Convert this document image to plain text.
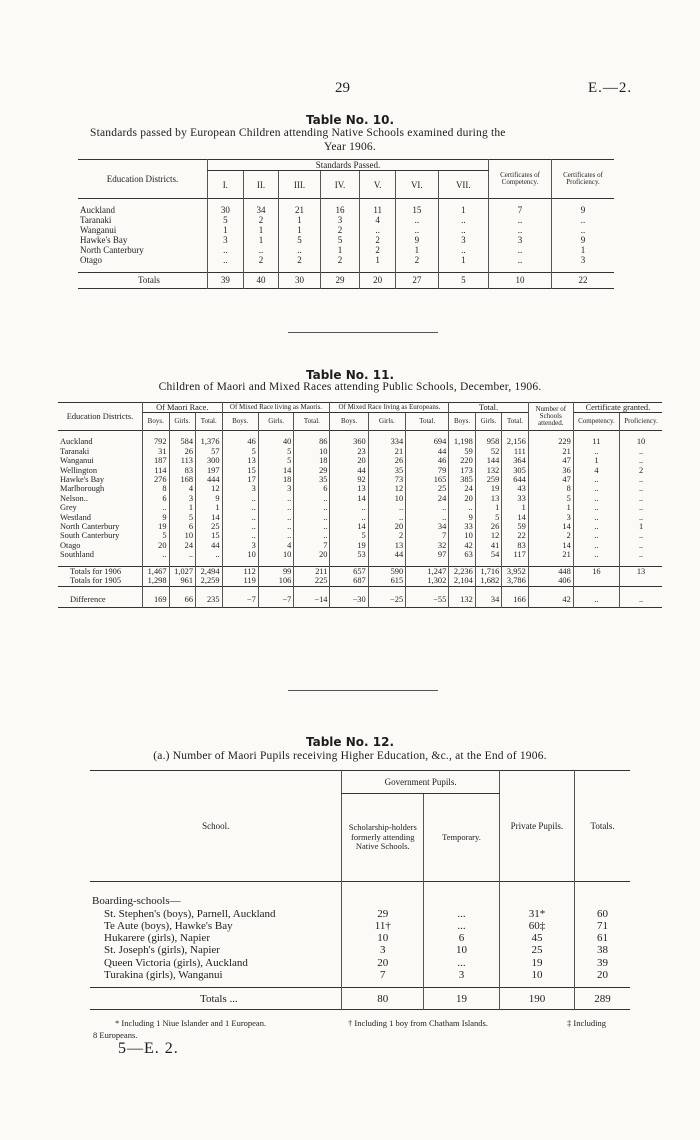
29	E.—2.
Table No. 10.
Standards passed by European Children attending Native Schools examined during the
Year 1906.
Education Districts.	Standards Passed.							Certificates of Competency.	Certificates of Proficiency.
	I.	II.	III.	IV.	V.	VI.	VII.		

Auckland	30	34	21	16	11	15	1	7	9
Taranaki	5	2	1	3	4	..	..	..	..
Wanganui	1	1	1	2	..	..	..	..	..
Hawke's Bay	3	1	5	5	2	9	3	3	9
North Canterbury	..	..	..	1	2	1	..	..	1
Otago	..	2	2	2	1	2	1	..	3

Totals	39	40	30	29	20	27	5	10	22
Table No. 11.
Children of Maori and Mixed Races attending Public Schools, December, 1906.
Education Districts.	Of Maori Race.			Of Mixed Race living as Maoris.			Of Mixed Race living as Europeans.			Total.			Number of Schools attended.	Certificate granted.	
	Boys.	Girls.	Total.	Boys.	Girls.	Total.	Boys.	Girls.	Total.	Boys.	Girls.	Total.		Competency.	Proficiency.

Auckland	792	584	1,376	46	40	86	360	334	694	1,198	958	2,156	229	11	10
Taranaki	31	26	57	5	5	10	23	21	44	59	52	111	21	..	..
Wanganui	187	113	300	13	5	18	20	26	46	220	144	364	47	1	..
Wellington	114	83	197	15	14	29	44	35	79	173	132	305	36	4	2
Hawke's Bay	276	168	444	17	18	35	92	73	165	385	259	644	47	..	..
Marlborough	8	4	12	3	3	6	13	12	25	24	19	43	8	..	..
Nelson..	6	3	9	..	..	..	14	10	24	20	13	33	5	..	..
Grey	..	1	1	..	..	..	..	..	..	..	1	1	1	..	..
Westland	9	5	14	..	..	..	..	..	..	9	5	14	3	..	..
North Canterbury	19	6	25	..	..	..	14	20	34	33	26	59	14	..	1
South Canterbury	5	10	15	..	..	..	5	2	7	10	12	22	2	..	..
Otago	20	24	44	3	4	7	19	13	32	42	41	83	14	..	..
Southland	..	..	..	10	10	20	53	44	97	63	54	117	21	..	..

Totals for 1906	1,467	1,027	2,494	112	99	211	657	590	1,247	2,236	1,716	3,952	448	16	13
Totals for 1905	1,298	961	2,259	119	106	225	687	615	1,302	2,104	1,682	3,786	406		

Difference	169	66	235	−7	−7	−14	−30	−25	−55	132	34	166	42	..	..
Table No. 12.
(a.) Number of Maori Pupils receiving Higher Education, &c., at the End of 1906.
School.	Government Pupils.		Private Pupils.	Totals.
	Scholarship-holders formerly attending Native Schools.	Temporary.		
Boarding-schools—				
St. Stephen's (boys), Parnell, Auckland	29	...	31*	60
Te Aute (boys), Hawke's Bay	11†	...	60‡	71
Hukarere (girls), Napier	10	6	45	61
St. Joseph's (girls), Napier	3	10	25	38
Queen Victoria (girls), Auckland	20	...	19	39
Turakina (girls), Wanganui	7	3	10	20

Totals ...	80	19	190	289
* Including 1 Niue Islander and 1 European.	† Including 1 boy from Chatham Islands.	‡ Including
8 Europeans.
5—E. 2.
